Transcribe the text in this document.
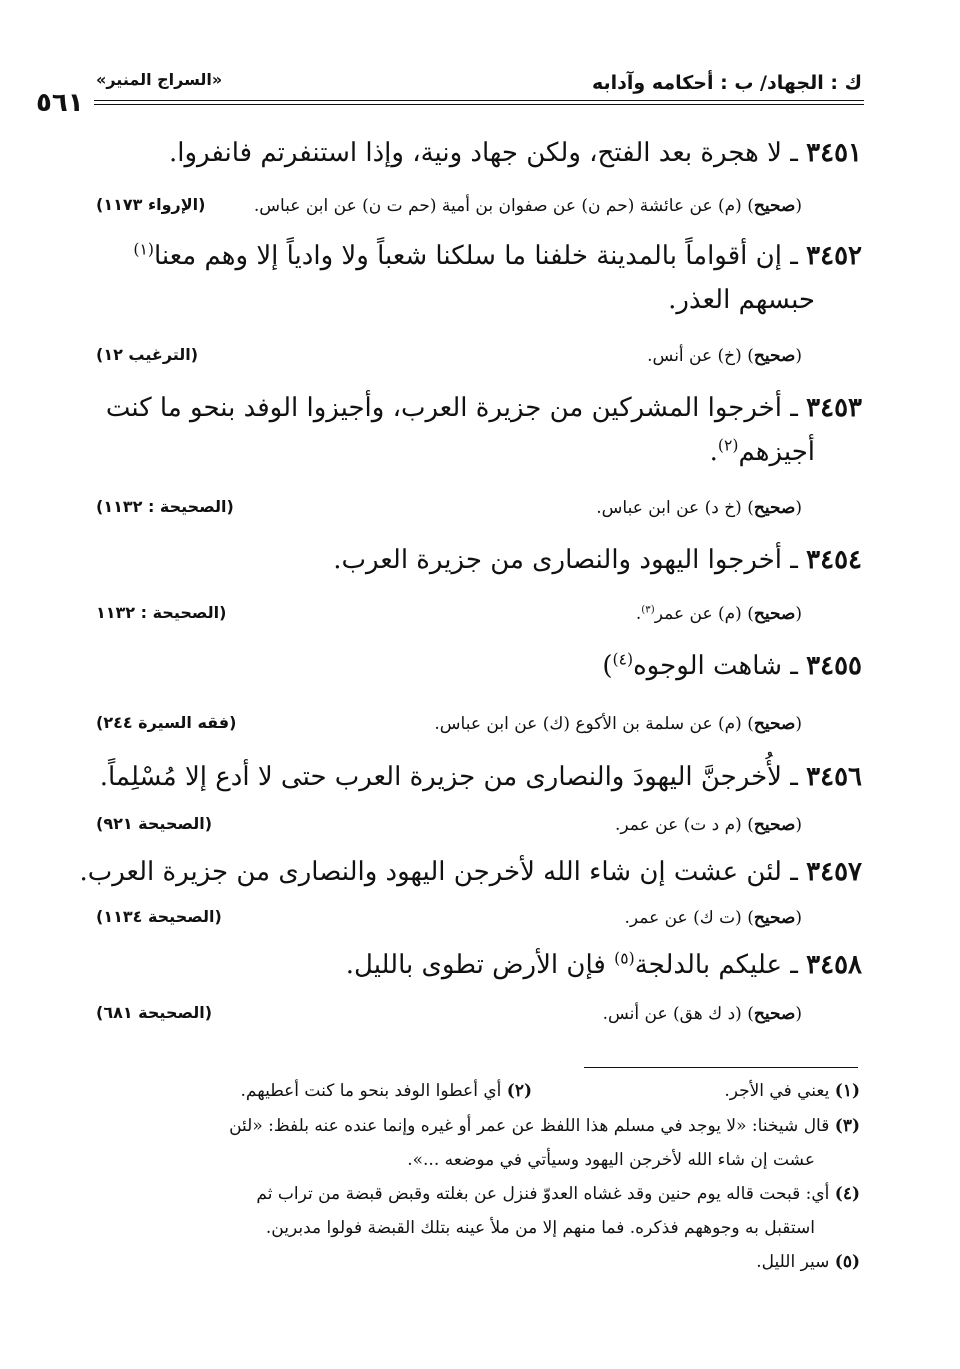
ك : الجهاد/ ب : أحكامه وآدابه
«السراج المنير»
٥٦١
٣٤٥١ ـ لا هجرة بعد الفتح، ولكن جهاد ونية، وإذا استنفرتم فانفروا.
(صحيح) (م) عن عائشة (حم ن) عن صفوان بن أمية (حم ت ن) عن ابن عباس.
(الإرواء ١١٧٣)
٣٤٥٢ ـ إن أقواماً بالمدينة خلفنا ما سلكنا شعباً ولا وادياً إلا وهم معنا$^{(١)}$
حبسهم العذر.
(صحيح) (خ) عن أنس.
(الترغيب ١٢)
٣٤٥٣ ـ أخرجوا المشركين من جزيرة العرب، وأجيزوا الوفد بنحو ما كنت
أجيزهم$^{(٢)}$.
(صحيح) (خ د) عن ابن عباس.
(الصحيحة : ١١٣٢)
٣٤٥٤ ـ أخرجوا اليهود والنصارى من جزيرة العرب.
(صحيح) (م) عن عمر$^{(٣)}$.
(الصحيحة : ١١٣٢
٣٤٥٥ ـ شاهت الوجوه$^{(٤)}$)
(صحيح) (م) عن سلمة بن الأكوع (ك) عن ابن عباس.
(فقه السيرة ٢٤٤)
٣٤٥٦ ـ لأُخرجنَّ اليهودَ والنصارى من جزيرة العرب حتى لا أدع إلا مُسْلِماً.
(صحيح) (م د ت) عن عمر.
(الصحيحة ٩٢١)
٣٤٥٧ ـ لئن عشت إن شاء الله لأخرجن اليهود والنصارى من جزيرة العرب.
(صحيح) (ت ك) عن عمر.
(الصحيحة ١١٣٤)
٣٤٥٨ ـ عليكم بالدلجة$^{(٥)}$ فإن الأرض تطوى بالليل.
(صحيح) (د ك هق) عن أنس.
(الصحيحة ٦٨١)
(١) يعني في الأجر.
(٢) أي أعطوا الوفد بنحو ما كنت أعطيهم.
(٣) قال شيخنا: «لا يوجد في مسلم هذا اللفظ عن عمر أو غيره وإنما عنده عنه بلفظ: «لئن
عشت إن شاء الله لأخرجن اليهود وسيأتي في موضعه ...».
(٤) أي: قبحت قاله يوم حنين وقد غشاه العدوّ فنزل عن بغلته وقبض قبضة من تراب ثم
استقبل به وجوههم فذكره. فما منهم إلا من ملأ عينه بتلك القبضة فولوا مدبرين.
(٥) سير الليل.
